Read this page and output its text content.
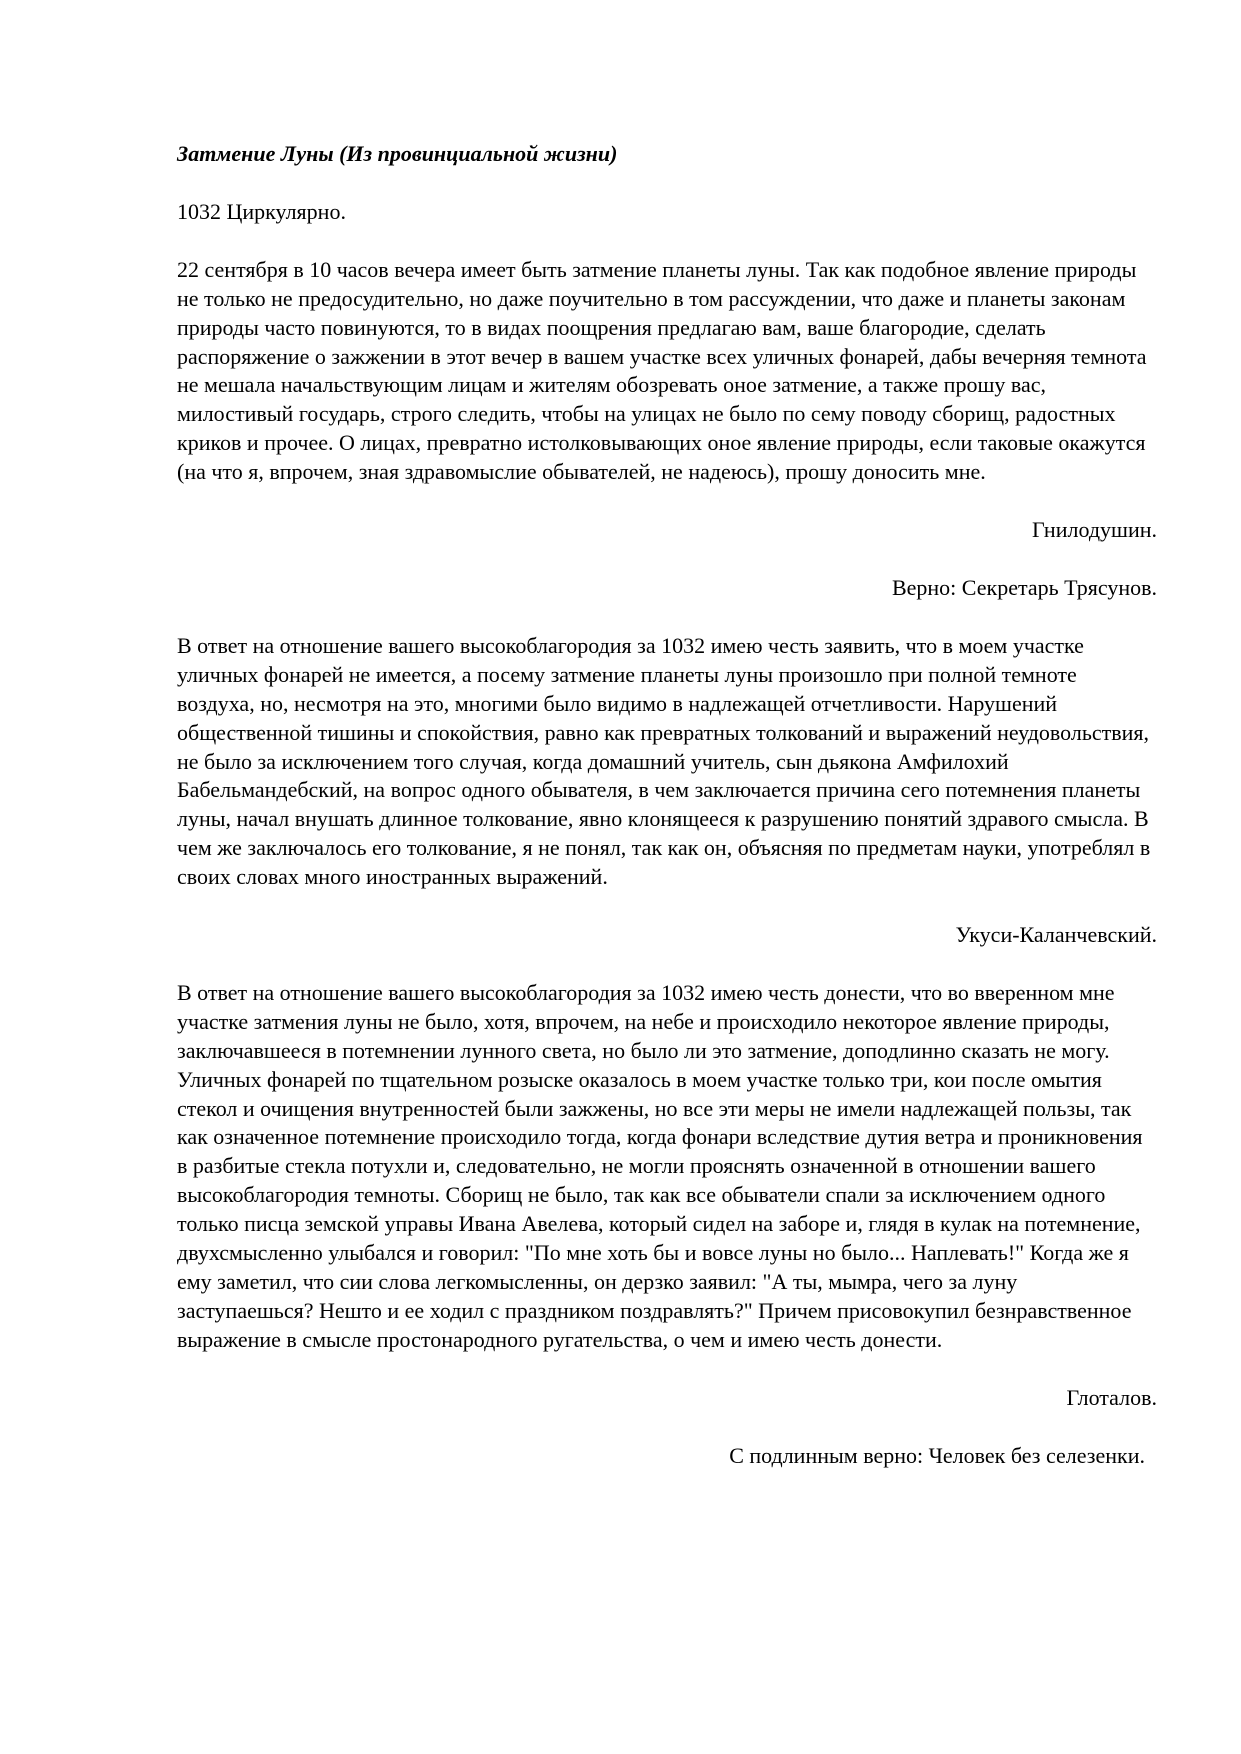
Затмение Луны (Из провинциальной жизни)

1032 Циркулярно.

22 сентября в 10 часов вечера имеет быть затмение планеты луны. Так как подобное явление природы не только не предосудительно, но даже поучительно в том рассуждении, что даже и планеты законам природы часто повинуются, то в видах поощрения предлагаю вам, ваше благородие, сделать распоряжение о зажжении в этот вечер в вашем участке всех уличных фонарей, дабы вечерняя темнота не мешала начальствующим лицам и жителям обозревать оное затмение, а также прошу вас, милостивый государь, строго следить, чтобы на улицах не было по сему поводу сборищ, радостных криков и прочее. О лицах, превратно истолковывающих оное явление природы, если таковые окажутся (на что я, впрочем, зная здравомыслие обывателей, не надеюсь), прошу доносить мне.

Гнилодушин.

Верно: Секретарь Трясунов.

В ответ на отношение вашего высокоблагородия за 1032 имею честь заявить, что в моем участке уличных фонарей не имеется, а посему затмение планеты луны произошло при полной темноте воздуха, но, несмотря на это, многими было видимо в надлежащей отчетливости. Нарушений общественной тишины и спокойствия, равно как превратных толкований и выражений неудовольствия, не было за исключением того случая, когда домашний учитель, сын дьякона Амфилохий Бабельмандебский, на вопрос одного обывателя, в чем заключается причина сего потемнения планеты луны, начал внушать длинное толкование, явно клонящееся к разрушению понятий здравого смысла. В чем же заключалось его толкование, я не понял, так как он, объясняя по предметам науки, употреблял в своих словах много иностранных выражений.

Укуси-Каланчевский.

В ответ на отношение вашего высокоблагородия за 1032 имею честь донести, что во вверенном мне участке затмения луны не было, хотя, впрочем, на небе и происходило некоторое явление природы, заключавшееся в потемнении лунного света, но было ли это затмение, доподлинно сказать не могу. Уличных фонарей по тщательном розыске оказалось в моем участке только три, кои после омытия стекол и очищения внутренностей были зажжены, но все эти меры не имели надлежащей пользы, так как означенное потемнение происходило тогда, когда фонари вследствие дутия ветра и проникновения в разбитые стекла потухли и, следовательно, не могли прояснять означенной в отношении вашего высокоблагородия темноты. Сборищ не было, так как все обыватели спали за исключением одного только писца земской управы Ивана Авелева, который сидел на заборе и, глядя в кулак на потемнение, двухсмысленно улыбался и говорил: "По мне хоть бы и вовсе луны но было... Наплевать!" Когда же я ему заметил, что сии слова легкомысленны, он дерзко заявил: "А ты, мымра, чего за луну заступаешься? Нешто и ее ходил с праздником поздравлять?" Причем присовокупил безнравственное выражение в смысле простонародного ругательства, о чем и имею честь донести.

Глоталов.

С подлинным верно: Человек без селезенки.
